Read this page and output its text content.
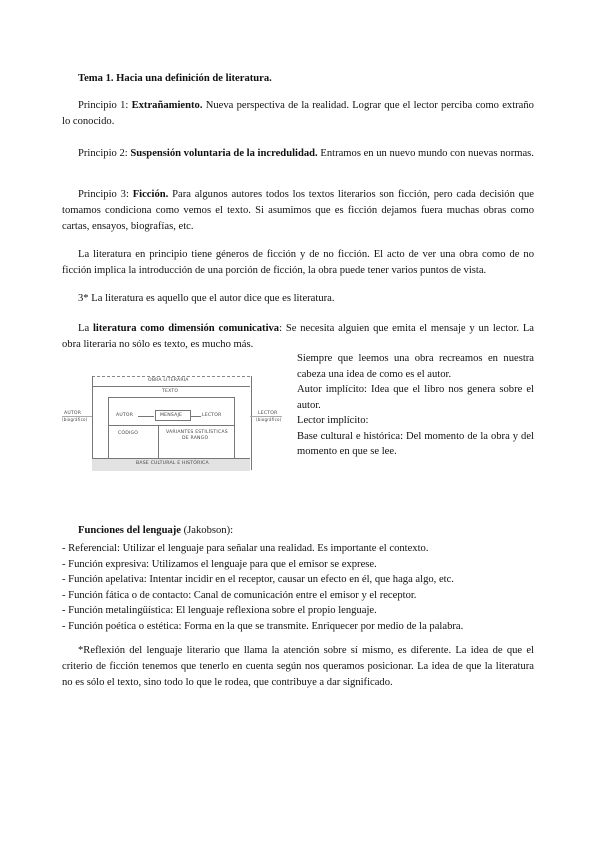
Tema 1. Hacia una definición de literatura.

Principio 1: Extrañamiento. Nueva perspectiva de la realidad. Lograr que el lector perciba como extraño lo conocido.

Principio 2: Suspensión voluntaria de la incredulidad. Entramos en un nuevo mundo con nuevas normas.

Principio 3: Ficción. Para algunos autores todos los textos literarios son ficción, pero cada decisión que tomamos condiciona como vemos el texto. Si asumimos que es ficción dejamos fuera muchas obras como cartas, ensayos, biografías, etc.

La literatura en principio tiene géneros de ficción y de no ficción. El acto de ver una obra como de no ficción implica la introducción de una porción de ficción, la obra puede tener varios puntos de vista.

3* La literatura es aquello que el autor dice que es literatura.

La literatura como dimensión comunicativa: Se necesita alguien que emita el mensaje y un lector. La obra literaria no sólo es texto, es mucho más.

OBRA LITERARIA
TEXTO
AUTOR
(biográfico)
LECTOR
(biográfico)
AUTOR	MENSAJE	LECTOR
CÓDIGO	VARIANTES ESTILÍSTICAS
DE RANGO
BASE CULTURAL E HISTÓRICA

Siempre que leemos una obra recreamos en nuestra cabeza una idea de como es el autor.

Autor implícito: Idea que el libro nos genera sobre el autor.

Lector implícito:

Base cultural e histórica: Del momento de la obra y del momento en que se lee.

Funciones del lenguaje (Jakobson):

- Referencial: Utilizar el lenguaje para señalar una realidad. Es importante el contexto.
- Función expresiva: Utilizamos el lenguaje para que el emisor se exprese.
- Función apelativa: Intentar incidir en el receptor, causar un efecto en él, que haga algo, etc.
- Función fática o de contacto: Canal de comunicación entre el emisor y el receptor.
- Función metalingüística: El lenguaje reflexiona sobre el propio lenguaje.
- Función poética o estética: Forma en la que se transmite. Enriquecer por medio de la palabra.

*Reflexión del lenguaje literario que llama la atención sobre sí mismo, es diferente. La idea de que el criterio de ficción tenemos que tenerlo en cuenta según nos queramos posicionar. La idea de que la literatura no es sólo el texto, sino todo lo que le rodea, que contribuye a dar significado.
